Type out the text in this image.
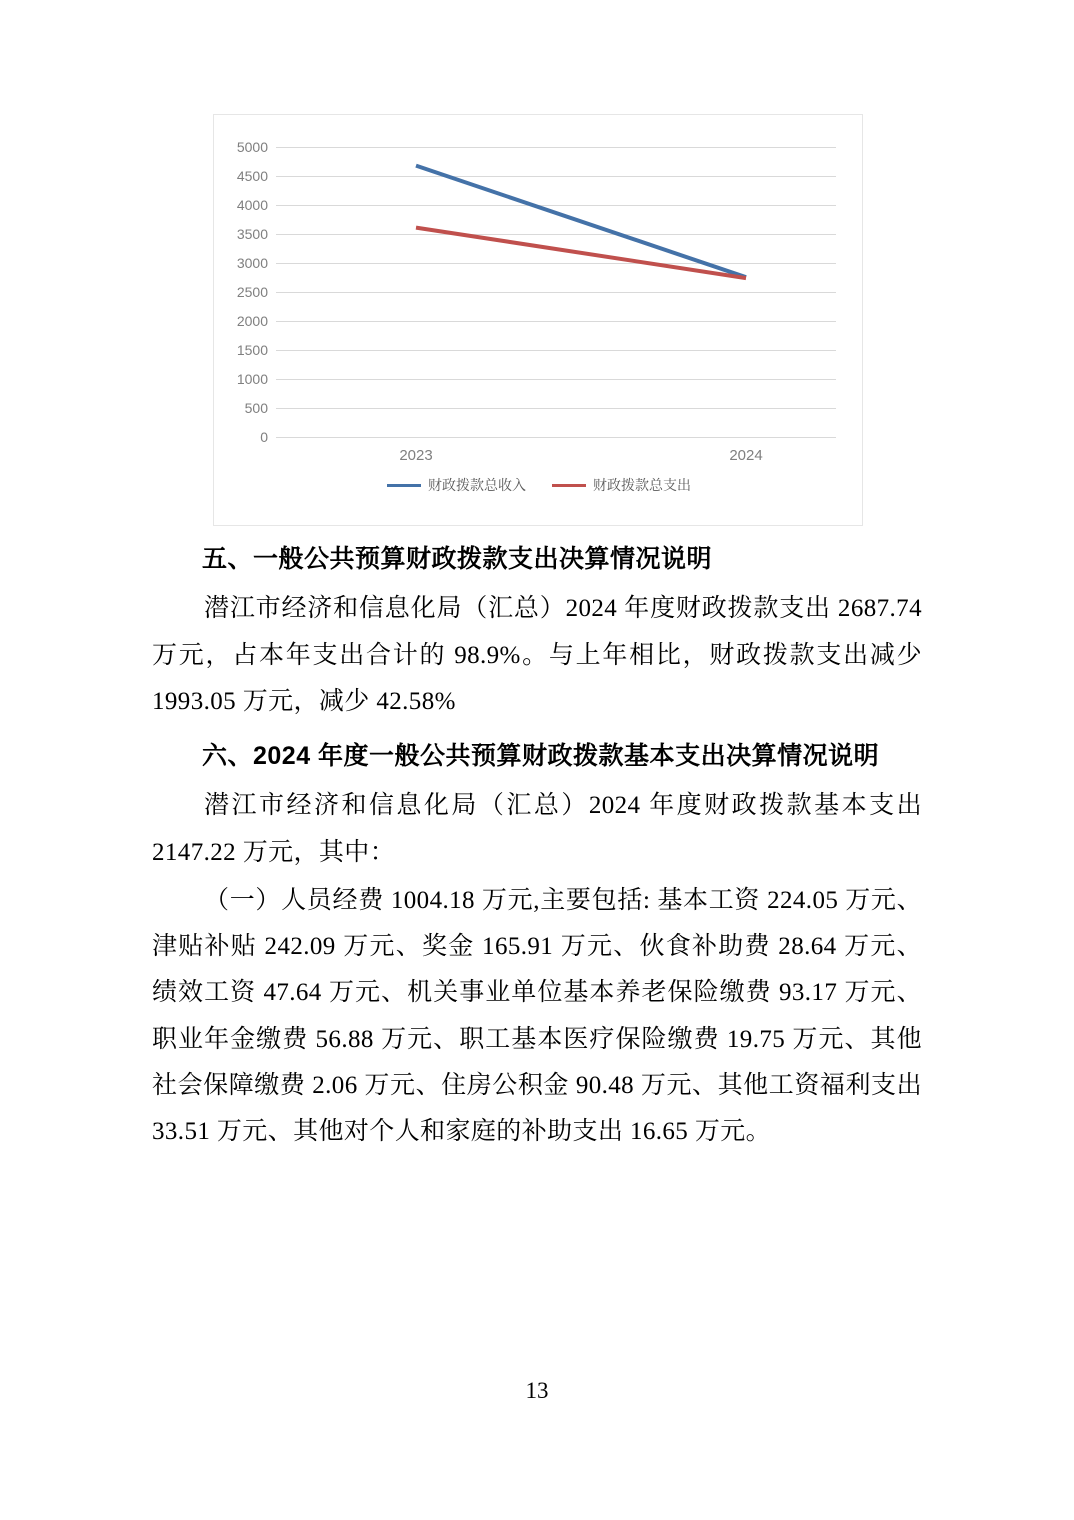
5000
4500
4000
3500
3000
2500
2000
1500
1000
500
0
2023	2024
财政拨款总收入	财政拨款总支出
五、一般公共预算财政拨款支出决算情况说明

潜江市经济和信息化局（汇总）2024 年度财政拨款支出 2687.74 万元，占本年支出合计的 98.9%。与上年相比，财政拨款支出减少 1993.05 万元，减少 42.58%

六、2024 年度一般公共预算财政拨款基本支出决算情况说明

潜江市经济和信息化局（汇总）2024 年度财政拨款基本支出 2147.22 万元，其中：

（一）人员经费 1004.18 万元,主要包括: 基本工资 224.05 万元、津贴补贴 242.09 万元、奖金 165.91 万元、伙食补助费 28.64 万元、绩效工资 47.64 万元、机关事业单位基本养老保险缴费 93.17 万元、职业年金缴费 56.88 万元、职工基本医疗保险缴费 19.75 万元、其他社会保障缴费 2.06 万元、住房公积金 90.48 万元、其他工资福利支出 33.51 万元、其他对个人和家庭的补助支出 16.65 万元。

13
